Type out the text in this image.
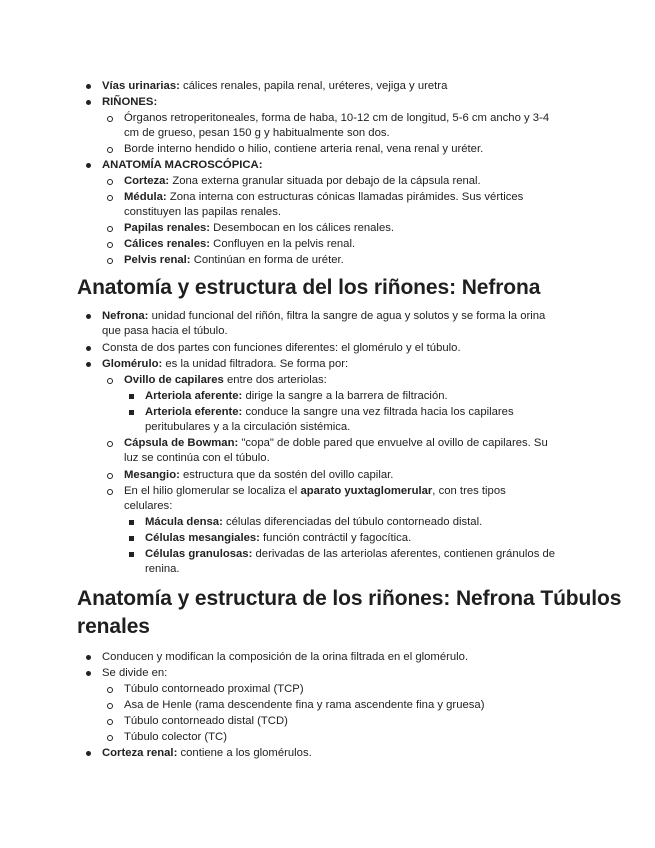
Vías urinarias: cálices renales, papila renal, uréteres, vejiga y uretra
RIÑONES:
Órganos retroperitoneales, forma de haba, 10-12 cm de longitud, 5-6 cm ancho y 3-4
cm de grueso, pesan 150 g y habitualmente son dos.
Borde interno hendido o hilio, contiene arteria renal, vena renal y uréter.
ANATOMÍA MACROSCÓPICA:
Corteza: Zona externa granular situada por debajo de la cápsula renal.
Médula: Zona interna con estructuras cónicas llamadas pirámides. Sus vértices
constituyen las papilas renales.
Papilas renales: Desembocan en los cálices renales.
Cálices renales: Confluyen en la pelvis renal.
Pelvis renal: Continúan en forma de uréter.
Anatomía y estructura del los riñones: Nefrona
Nefrona: unidad funcional del riñón, filtra la sangre de agua y solutos y se forma la orina
que pasa hacia el túbulo.
Consta de dos partes con funciones diferentes: el glomérulo y el túbulo.
Glomérulo: es la unidad filtradora. Se forma por:
Ovillo de capilares entre dos arteriolas:
Arteriola aferente: dirige la sangre a la barrera de filtración.
Arteriola eferente: conduce la sangre una vez filtrada hacia los capilares
peritubulares y a la circulación sistémica.
Cápsula de Bowman: "copa" de doble pared que envuelve al ovillo de capilares. Su
luz se continúa con el túbulo.
Mesangio: estructura que da sostén del ovillo capilar.
En el hilio glomerular se localiza el aparato yuxtaglomerular, con tres tipos
celulares:
Mácula densa: células diferenciadas del túbulo contorneado distal.
Células mesangiales: función contráctil y fagocítica.
Células granulosas: derivadas de las arteriolas aferentes, contienen gránulos de
renina.
Anatomía y estructura de los riñones: Nefrona Túbulos
renales
Conducen y modifican la composición de la orina filtrada en el glomérulo.
Se divide en:
Túbulo contorneado proximal (TCP)
Asa de Henle (rama descendente fina y rama ascendente fina y gruesa)
Túbulo contorneado distal (TCD)
Túbulo colector (TC)
Corteza renal: contiene a los glomérulos.
